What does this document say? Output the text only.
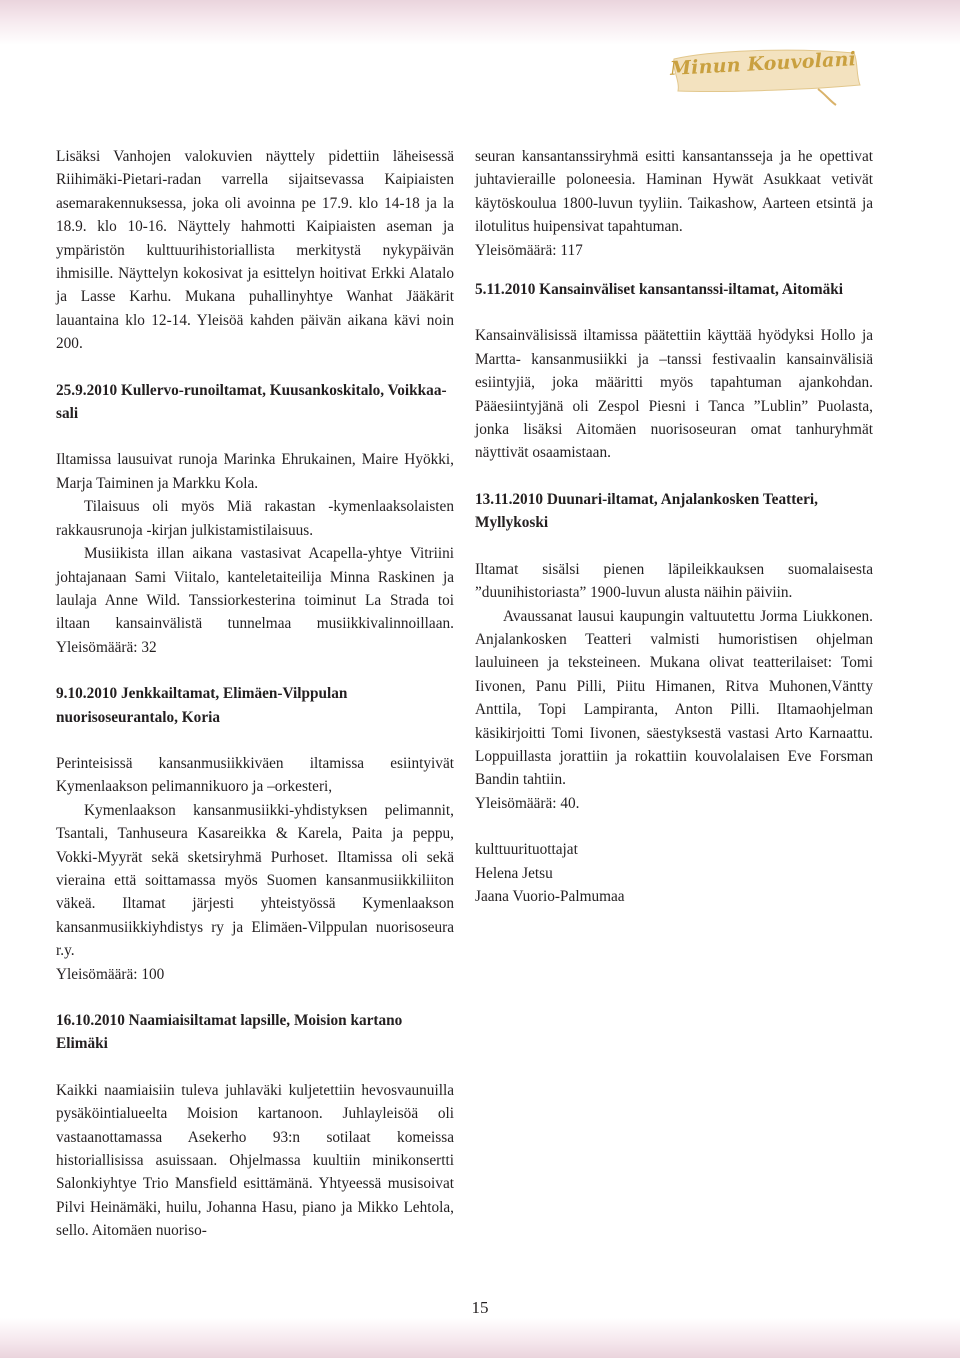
Minun Kouvolani

Lisäksi Vanhojen valokuvien näyttely pidettiin läheisessä Riihimäki-Pietari-radan varrella sijaitsevassa Kaipiaisten asemarakennuksessa, joka oli avoinna pe 17.9. klo 14-18 ja la 18.9. klo 10-16. Näyttely hahmotti Kaipiaisten aseman ja ympäristön kulttuurihistoriallista merkitystä nykypäivän ihmisille. Näyttelyn kokosivat ja esittelyn hoitivat Erkki Alatalo ja Lasse Karhu. Mukana puhallinyhtye Wanhat Jääkärit lauantaina klo 12-14. Yleisöä kahden päivän aikana kävi noin 200.

25.9.2010 Kullervo-runoiltamat, Kuusankoskitalo, Voikkaa-sali

Iltamissa lausuivat runoja Marinka Ehrukainen, Maire Hyökki, Marja Taiminen ja Markku Kola.

Tilaisuus oli myös Miä rakastan -kymenlaaksolaisten rakkausrunoja -kirjan julkistamistilaisuus.

Musiikista illan aikana vastasivat Acapella-yhtye Vitriini johtajanaan Sami Viitalo, kanteletaiteilija Minna Raskinen ja laulaja Anne Wild. Tanssiorkesterina toiminut La Strada toi iltaan kansainvälistä tunnelmaa musiikkivalinnoillaan. Yleisömäärä: 32

9.10.2010 Jenkkailtamat, Elimäen-Vilppulan nuorisoseurantalo, Koria

Perinteisissä kansanmusiikkiväen iltamissa esiintyivät Kymenlaakson pelimannikuoro ja –orkesteri,

Kymenlaakson kansanmusiikki-yhdistyksen pelimannit, Tsantali, Tanhuseura Kasareikka & Karela, Paita ja peppu, Vokki-Myyrät sekä sketsiryhmä Purhoset. Iltamissa oli sekä vieraina että soittamassa myös Suomen kansanmusiikkiliiton väkeä. Iltamat järjesti yhteistyössä Kymenlaakson kansanmusiikkiyhdistys ry ja Elimäen-Vilppulan nuorisoseura r.y.

Yleisömäärä: 100

16.10.2010 Naamiaisiltamat lapsille, Moision kartano Elimäki

Kaikki naamiaisiin tuleva juhlaväki kuljetettiin hevosvaunuilla pysäköintialueelta Moision kartanoon. Juhlayleisöä oli vastaanottamassa Asekerho 93:n sotilaat komeissa historiallisissa asuissaan. Ohjelmassa kuultiin minikonsertti Salonkiyhtye Trio Mansfield esittämänä. Yhtyeessä musisoivat Pilvi Heinämäki, huilu, Johanna Hasu, piano ja Mikko Lehtola, sello. Aitomäen nuoriso-

seuran kansantanssiryhmä esitti kansantansseja ja he opettivat juhtavieraille poloneesia. Haminan Hywät Asukkaat vetivät käytöskoulua 1800-luvun tyyliin. Taikashow, Aarteen etsintä ja ilotulitus huipensivat tapahtuman.

Yleisömäärä: 117

5.11.2010 Kansainväliset kansantanssi-iltamat, Aitomäki

Kansainvälisissä iltamissa päätettiin käyttää hyödyksi Hollo ja Martta- kansanmusiikki ja –tanssi festivaalin kansainvälisiä esiintyjiä, joka määritti myös tapahtuman ajankohdan. Pääesiintyjänä oli Zespol Piesni i Tanca ”Lublin” Puolasta, jonka lisäksi Aitomäen nuorisoseuran omat tanhuryhmät näyttivät osaamistaan.

13.11.2010 Duunari-iltamat, Anjalankosken Teatteri, Myllykoski

Iltamat sisälsi pienen läpileikkauksen suomalaisesta ”duunihistoriasta” 1900-luvun alusta näihin päiviin.

Avaussanat lausui kaupungin valtuutettu Jorma Liukkonen. Anjalankosken Teatteri valmisti humoristisen ohjelman lauluineen ja teksteineen. Mukana olivat teatterilaiset: Tomi Iivonen, Panu Pilli, Piitu Himanen, Ritva Muhonen,Väntty Anttila, Topi Lampiranta, Anton Pilli. Iltamaohjelman käsikirjoitti Tomi Iivonen, säestyksestä vastasi Arto Karnaattu. Loppuillasta jorattiin ja rokattiin kouvolalaisen Eve Forsman Bandin tahtiin.

Yleisömäärä: 40.

kulttuurituottajat

Helena Jetsu

Jaana Vuorio-Palmumaa

15
